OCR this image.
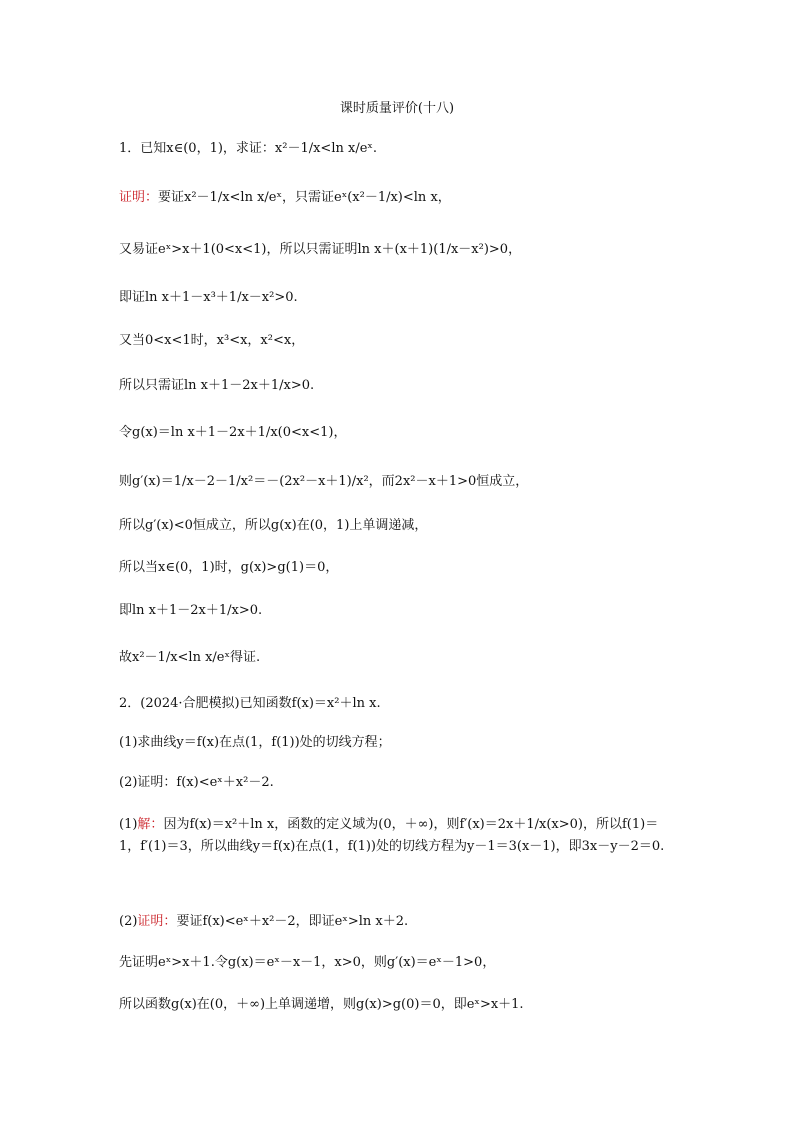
课时质量评价(十八)
1．已知x∈(0，1)，求证：x²－1/x<ln x/eˣ.
证明：要证x²－1/x<ln x/eˣ，只需证eˣ(x²－1/x)<ln x，
又易证eˣ>x＋1(0<x<1)，所以只需证明ln x＋(x＋1)(1/x－x²)>0，
即证ln x＋1－x³＋1/x－x²>0.
又当0<x<1时，x³<x，x²<x，
所以只需证ln x＋1－2x＋1/x>0.
令g(x)＝ln x＋1－2x＋1/x(0<x<1)，
则g′(x)＝1/x－2－1/x²＝－(2x²－x＋1)/x²，而2x²－x＋1>0恒成立，
所以g′(x)<0恒成立，所以g(x)在(0，1)上单调递减，
所以当x∈(0，1)时，g(x)>g(1)＝0，
即ln x＋1－2x＋1/x>0.
故x²－1/x<ln x/eˣ得证.
2．(2024·合肥模拟)已知函数f(x)＝x²＋ln x.
(1)求曲线y＝f(x)在点(1，f(1))处的切线方程；
(2)证明：f(x)<eˣ＋x²－2.
(1)解：因为f(x)＝x²＋ln x，函数的定义域为(0，＋∞)，则f′(x)＝2x＋1/x(x>0)，所以f(1)＝1，f′(1)＝3，所以曲线y＝f(x)在点(1，f(1))处的切线方程为y－1＝3(x－1)，即3x－y－2＝0.
(2)证明：要证f(x)<eˣ＋x²－2，即证eˣ>ln x＋2.
先证明eˣ>x＋1.令g(x)＝eˣ－x－1，x>0，则g′(x)＝eˣ－1>0，
所以函数g(x)在(0，＋∞)上单调递增，则g(x)>g(0)＝0，即eˣ>x＋1.
